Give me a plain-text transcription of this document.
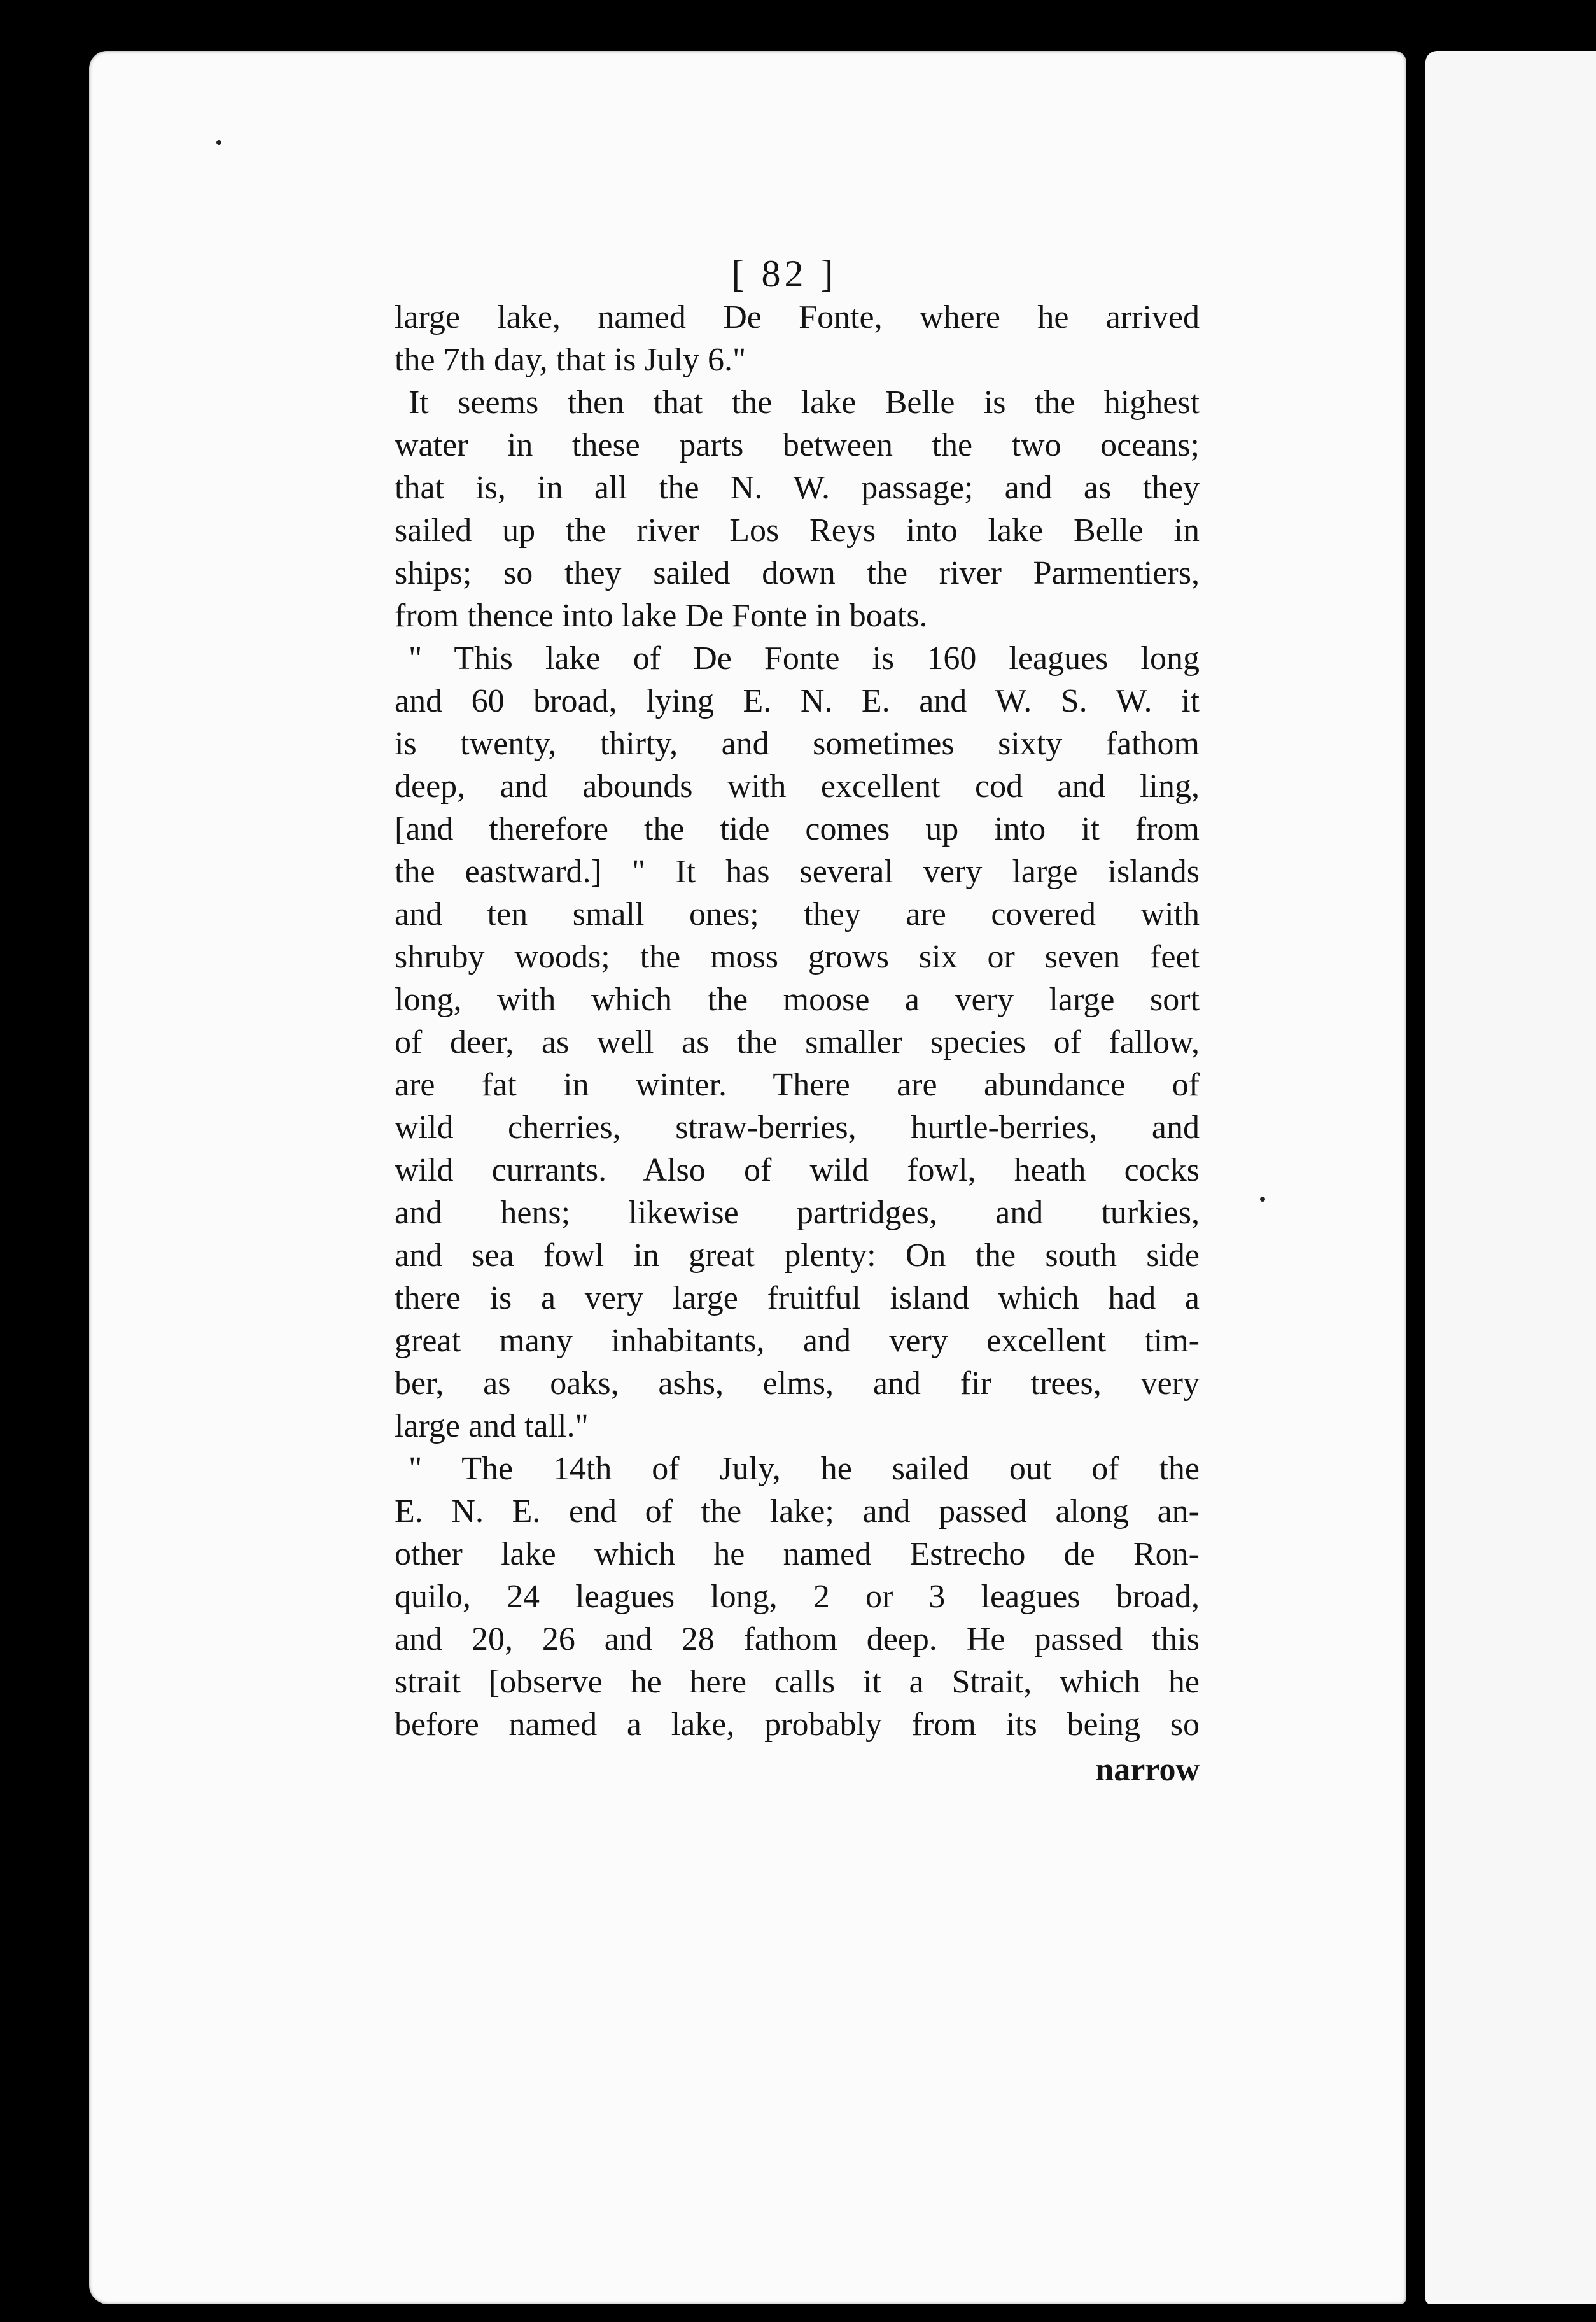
[ 82 ]
large lake, named De Fonte, where he arrived
the 7th day, that is July 6."
It seems then that the lake Belle is the highest
water in these parts between the two oceans;
that is, in all the N. W. passage; and as they
sailed up the river Los Reys into lake Belle in
ships; so they sailed down the river Parmentiers,
from thence into lake De Fonte in boats.
" This lake of De Fonte is 160 leagues long
and 60 broad, lying E. N. E. and W. S. W. it
is twenty, thirty, and sometimes sixty fathom
deep, and abounds with excellent cod and ling,
[and therefore the tide comes up into it from
the eastward.] " It has several very large islands
and ten small ones; they are covered with
shruby woods; the moss grows six or seven feet
long, with which the moose a very large sort
of deer, as well as the smaller species of fallow,
are fat in winter. There are abundance of
wild cherries, straw-berries, hurtle-berries, and
wild currants. Also of wild fowl, heath cocks
and hens; likewise partridges, and turkies,
and sea fowl in great plenty: On the south side
there is a very large fruitful island which had a
great many inhabitants, and very excellent tim-
ber, as oaks, ashs, elms, and fir trees, very
large and tall."
" The 14th of July, he sailed out of the
E. N. E. end of the lake; and passed along an-
other lake which he named Estrecho de Ron-
quilo, 24 leagues long, 2 or 3 leagues broad,
and 20, 26 and 28 fathom deep. He passed this
strait [observe he here calls it a Strait, which he
before named a lake, probably from its being so
narrow
